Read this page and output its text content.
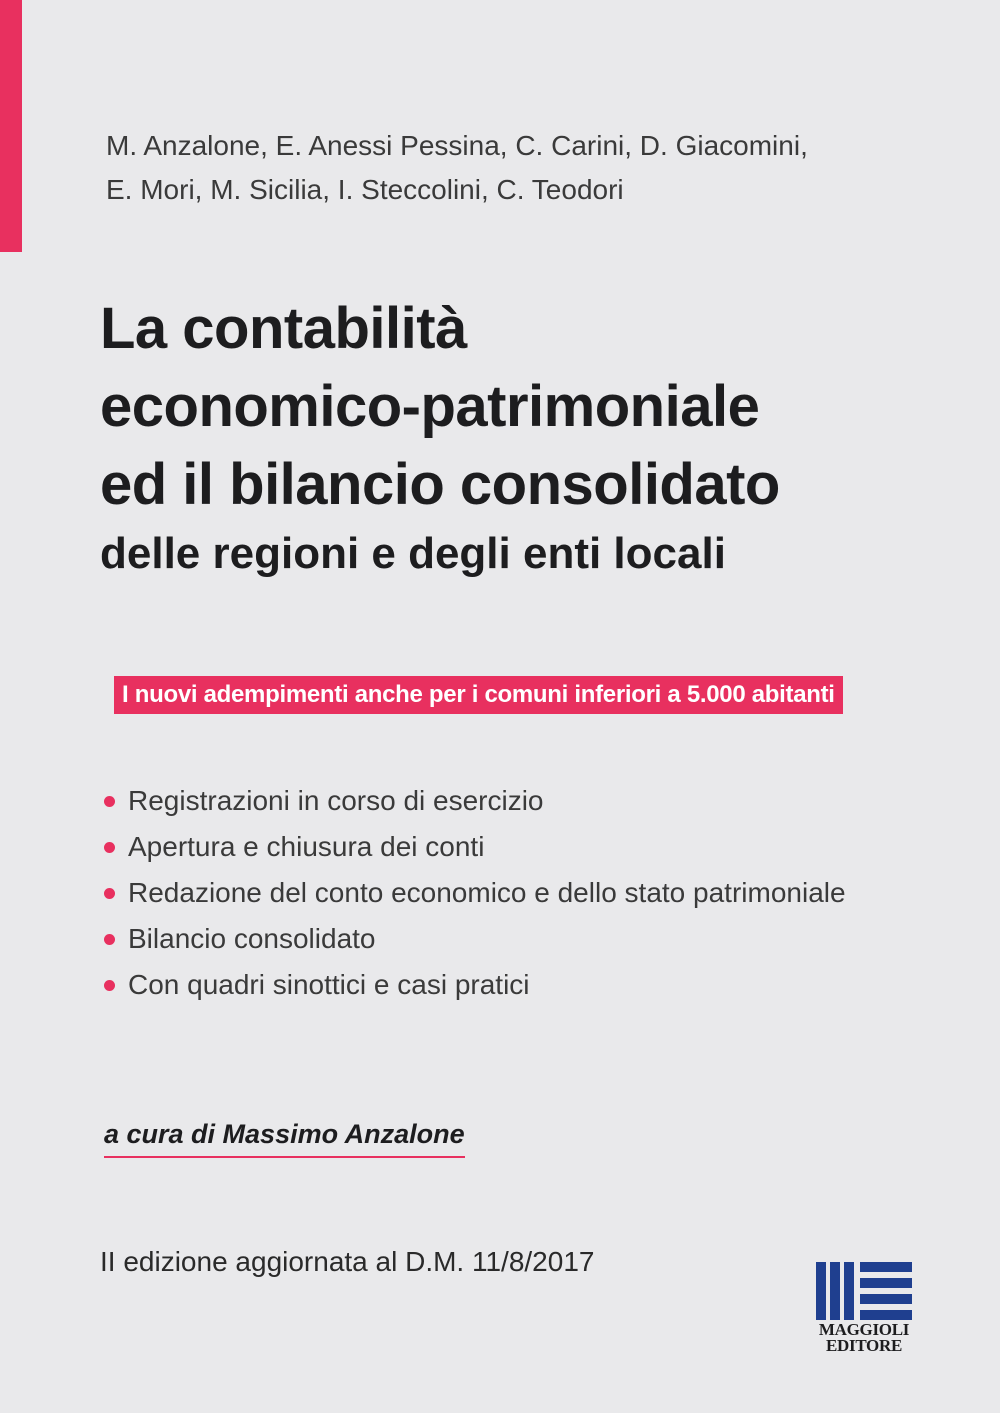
M. Anzalone, E. Anessi Pessina, C. Carini, D. Giacomini,
E. Mori, M. Sicilia, I. Steccolini, C. Teodori
La contabilità
economico-patrimoniale
ed il bilancio consolidato
delle regioni e degli enti locali
I nuovi adempimenti anche per i comuni inferiori a 5.000 abitanti
Registrazioni in corso di esercizio
Apertura e chiusura dei conti
Redazione del conto economico e dello stato patrimoniale
Bilancio consolidato
Con quadri sinottici e casi pratici
a cura di Massimo Anzalone
II edizione aggiornata al D.M. 11/8/2017
MAGGIOLI
EDITORE
